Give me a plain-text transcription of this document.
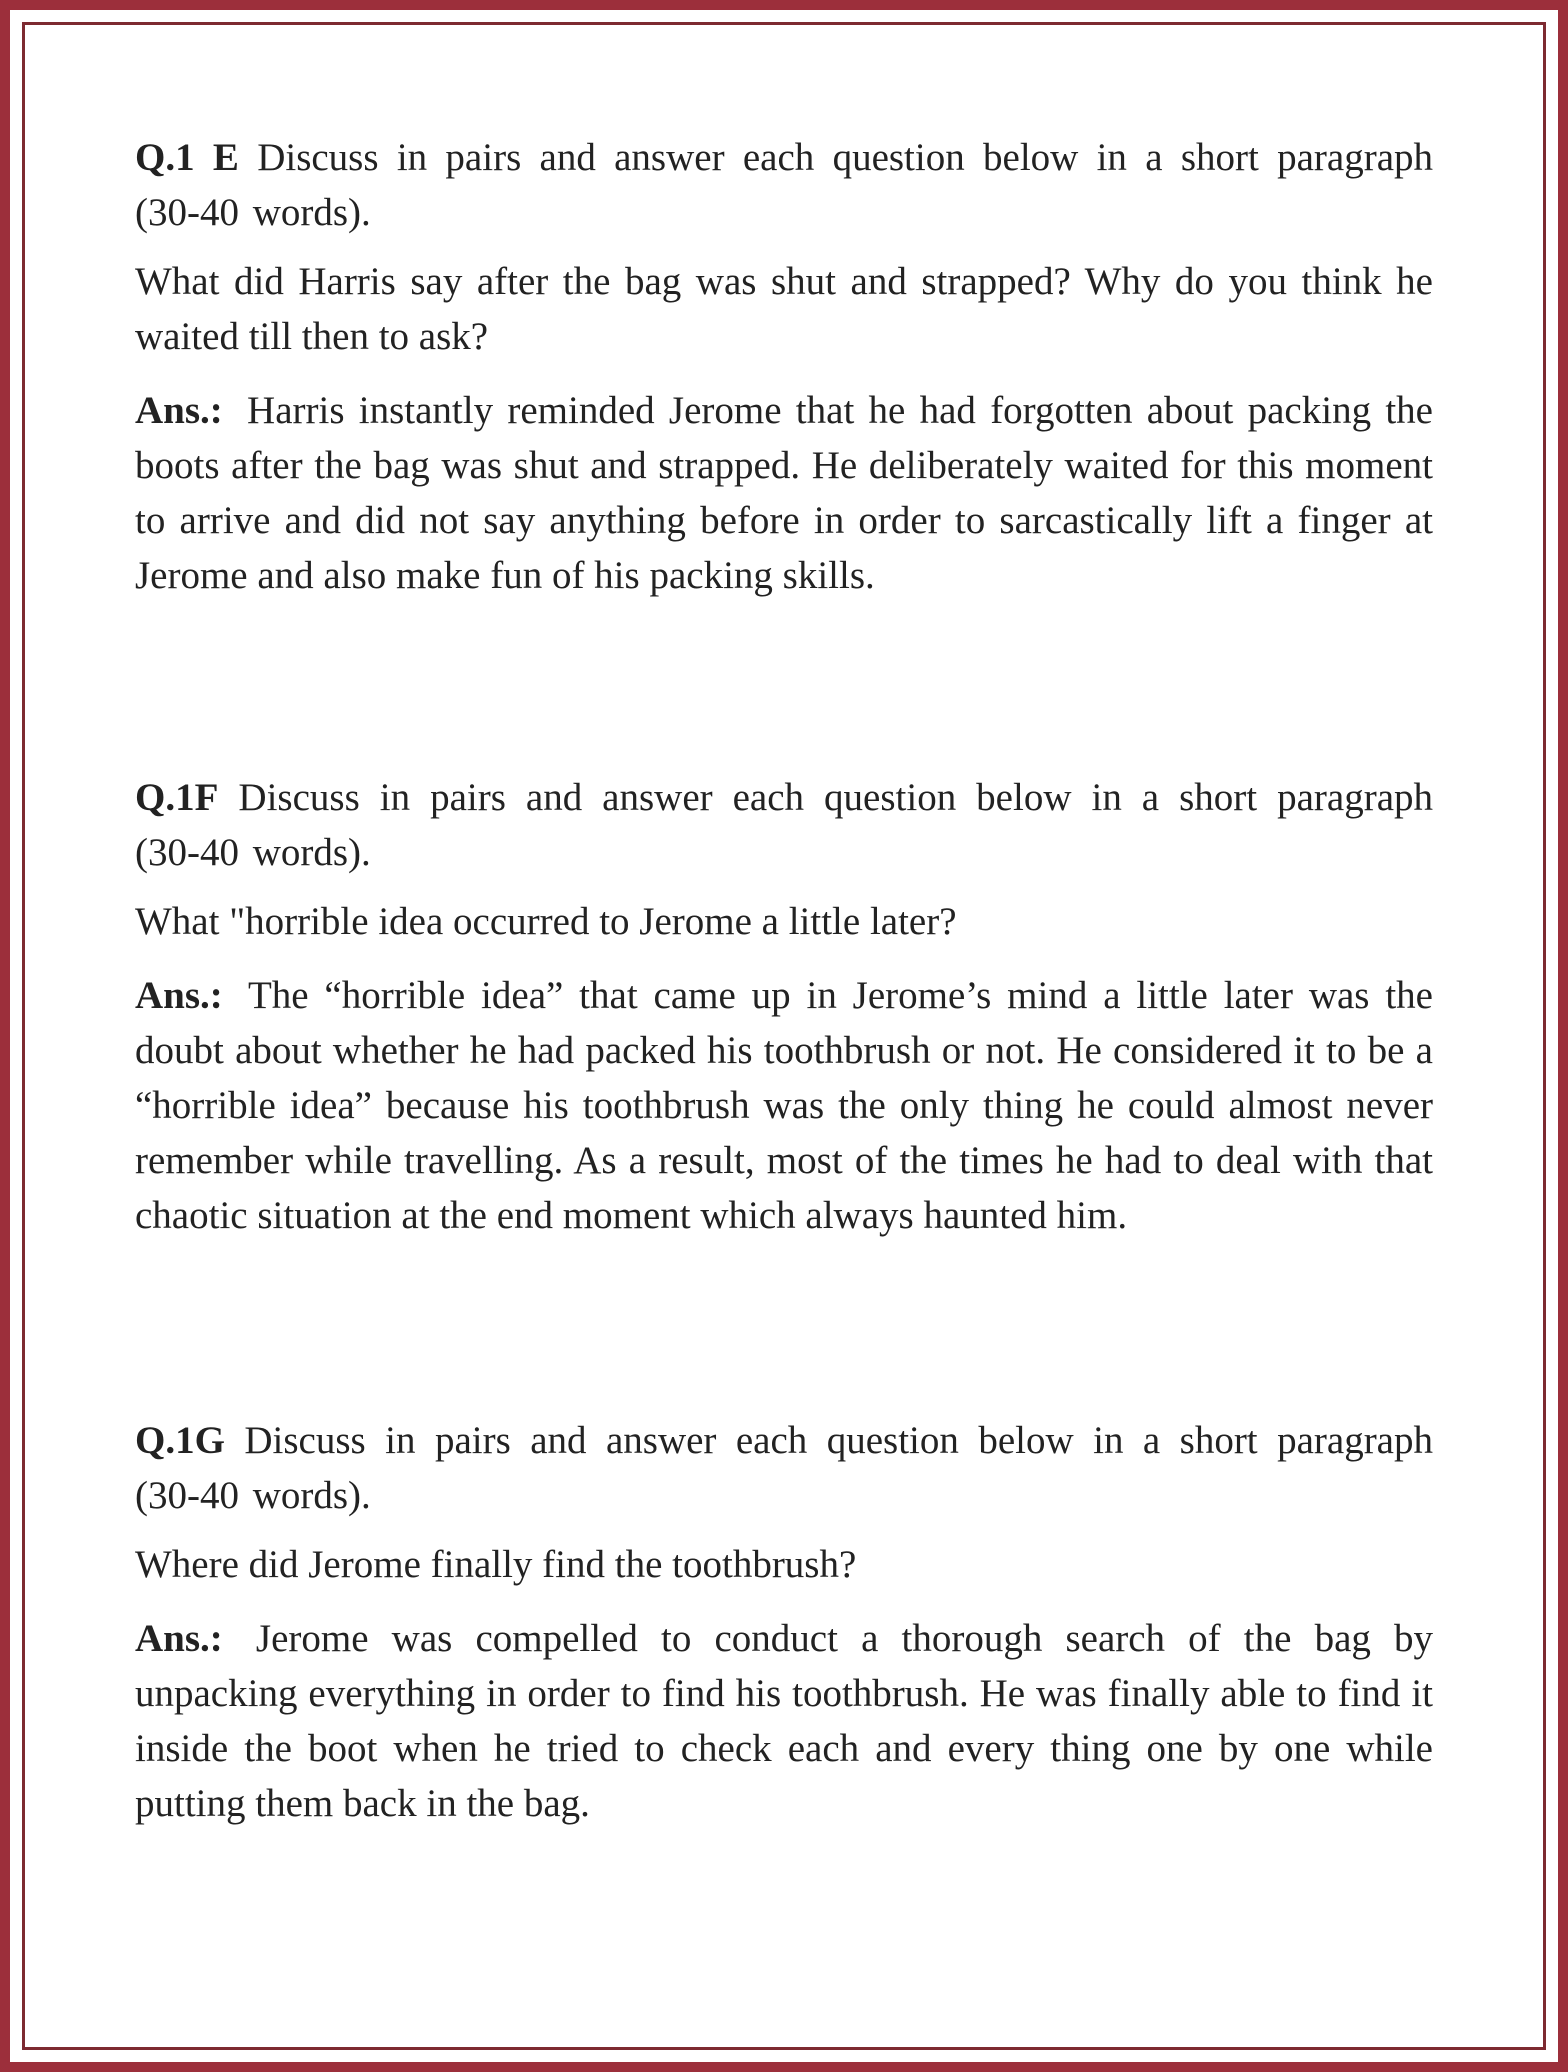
Q.1 E Discuss in pairs and answer each question below in a short paragraph (30-40 words).

What did Harris say after the bag was shut and strapped? Why do you think he waited till then to ask?

Ans.: Harris instantly reminded Jerome that he had forgotten about packing the boots after the bag was shut and strapped. He deliberately waited for this moment to arrive and did not say anything before in order to sarcastically lift a finger at Jerome and also make fun of his packing skills.

Q.1F Discuss in pairs and answer each question below in a short paragraph (30-40 words).

What "horrible idea occurred to Jerome a little later?

Ans.: The “horrible idea” that came up in Jerome’s mind a little later was the doubt about whether he had packed his toothbrush or not. He considered it to be a “horrible idea” because his toothbrush was the only thing he could almost never remember while travelling. As a result, most of the times he had to deal with that chaotic situation at the end moment which always haunted him.

Q.1G Discuss in pairs and answer each question below in a short paragraph (30-40 words).

Where did Jerome finally find the toothbrush?

Ans.: Jerome was compelled to conduct a thorough search of the bag by unpacking everything in order to find his toothbrush. He was finally able to find it inside the boot when he tried to check each and every thing one by one while putting them back in the bag.
